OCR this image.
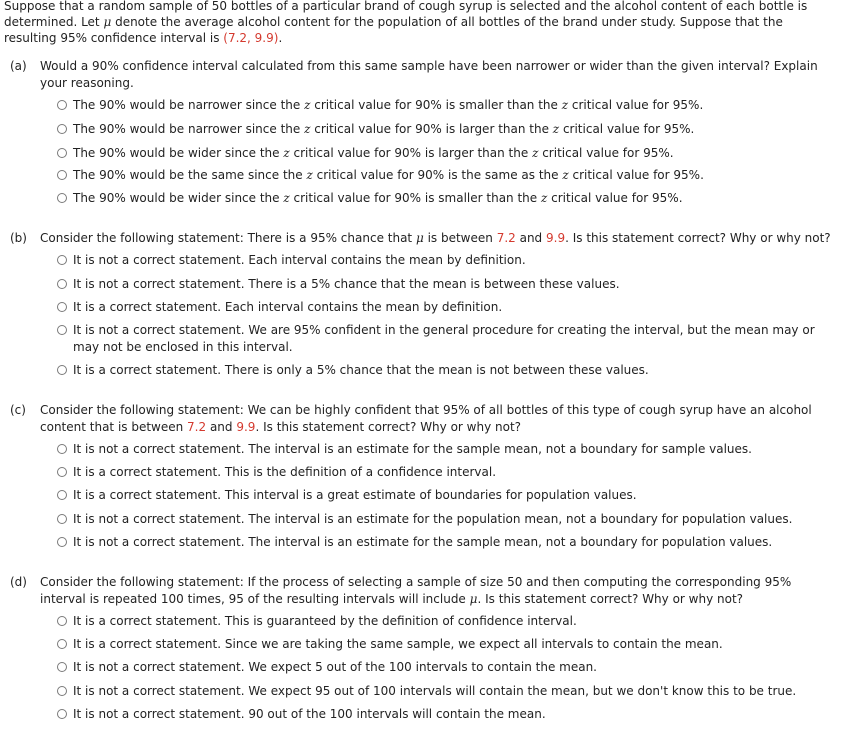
Suppose that a random sample of 50 bottles of a particular brand of cough syrup is selected and the alcohol content of each bottle is determined. Let μ denote the average alcohol content for the population of all bottles of the brand under study. Suppose that the resulting 95% confidence interval is (7.2, 9.9).
(a)	Would a 90% confidence interval calculated from this same sample have been narrower or wider than the given interval? Explain your reasoning.
The 90% would be narrower since the z critical value for 90% is smaller than the z critical value for 95%.
The 90% would be narrower since the z critical value for 90% is larger than the z critical value for 95%.
The 90% would be wider since the z critical value for 90% is larger than the z critical value for 95%.
The 90% would be the same since the z critical value for 90% is the same as the z critical value for 95%.
The 90% would be wider since the z critical value for 90% is smaller than the z critical value for 95%.
(b)	Consider the following statement: There is a 95% chance that μ is between 7.2 and 9.9. Is this statement correct? Why or why not?
It is not a correct statement. Each interval contains the mean by definition.
It is not a correct statement. There is a 5% chance that the mean is between these values.
It is a correct statement. Each interval contains the mean by definition.
It is not a correct statement. We are 95% confident in the general procedure for creating the interval, but the mean may or may not be enclosed in this interval.
It is a correct statement. There is only a 5% chance that the mean is not between these values.
(c)	Consider the following statement: We can be highly confident that 95% of all bottles of this type of cough syrup have an alcohol content that is between 7.2 and 9.9. Is this statement correct? Why or why not?
It is not a correct statement. The interval is an estimate for the sample mean, not a boundary for sample values.
It is a correct statement. This is the definition of a confidence interval.
It is a correct statement. This interval is a great estimate of boundaries for population values.
It is not a correct statement. The interval is an estimate for the population mean, not a boundary for population values.
It is not a correct statement. The interval is an estimate for the sample mean, not a boundary for population values.
(d)	Consider the following statement: If the process of selecting a sample of size 50 and then computing the corresponding 95% interval is repeated 100 times, 95 of the resulting intervals will include μ. Is this statement correct? Why or why not?
It is a correct statement. This is guaranteed by the definition of confidence interval.
It is a correct statement. Since we are taking the same sample, we expect all intervals to contain the mean.
It is not a correct statement. We expect 5 out of the 100 intervals to contain the mean.
It is not a correct statement. We expect 95 out of 100 intervals will contain the mean, but we don't know this to be true.
It is not a correct statement. 90 out of the 100 intervals will contain the mean.
